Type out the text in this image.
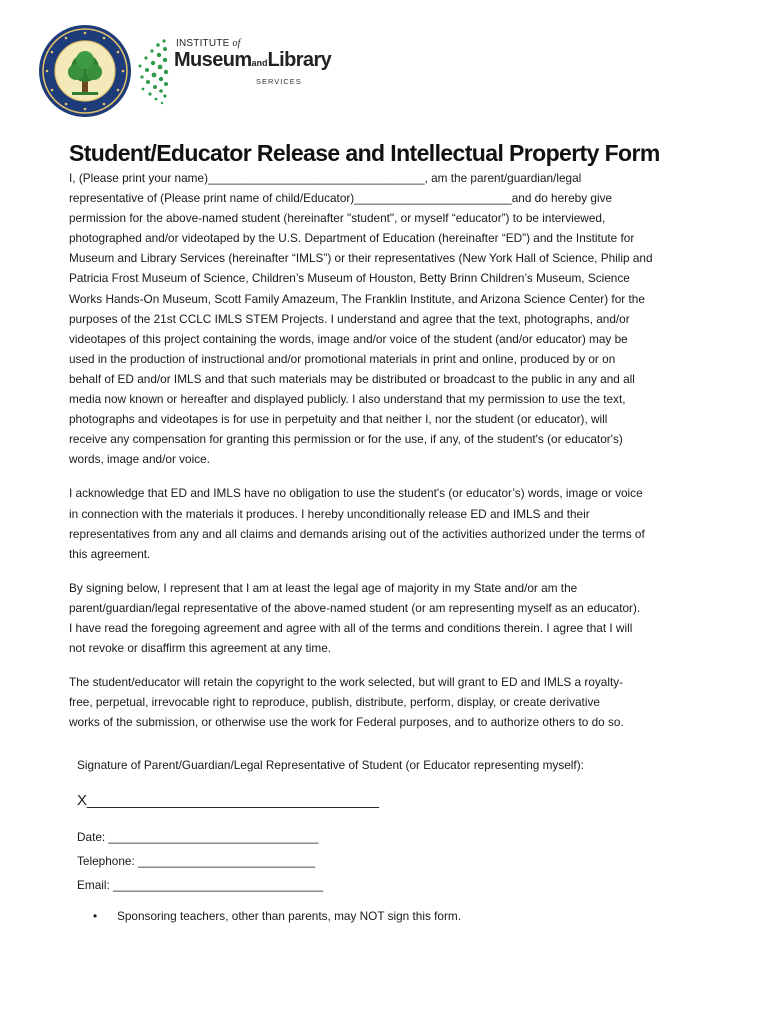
INSTITUTE of
MuseumandLibrary
SERVICES
Student/Educator Release and Intellectual Property Form

I, (Please print your name)_________________________________, am the parent/guardian/legal
representative of (Please print name of child/Educator)________________________and do hereby give
permission for the above-named student (hereinafter "student", or myself “educator”) to be interviewed,
photographed and/or videotaped by the U.S. Department of Education (hereinafter “ED”) and the Institute for
Museum and Library Services (hereinafter “IMLS”) or their representatives (New York Hall of Science, Philip and
Patricia Frost Museum of Science, Children’s Museum of Houston, Betty Brinn Children’s Museum, Science
Works Hands-On Museum, Scott Family Amazeum, The Franklin Institute, and Arizona Science Center) for the
purposes of the 21st CCLC IMLS STEM Projects. I understand and agree that the text, photographs, and/or
videotapes of this project containing the words, image and/or voice of the student (and/or educator) may be
used in the production of instructional and/or promotional materials in print and online, produced by or on
behalf of ED and/or IMLS and that such materials may be distributed or broadcast to the public in any and all
media now known or hereafter and displayed publicly. I also understand that my permission to use the text,
photographs and videotapes is for use in perpetuity and that neither I, nor the student (or educator), will
receive any compensation for granting this permission or for the use, if any, of the student's (or educator's)
words, image and/or voice.

I acknowledge that ED and IMLS have no obligation to use the student's (or educator’s) words, image or voice
in connection with the materials it produces. I hereby unconditionally release ED and IMLS and their
representatives from any and all claims and demands arising out of the activities authorized under the terms of
this agreement.

By signing below, I represent that I am at least the legal age of majority in my State and/or am the
parent/guardian/legal representative of the above-named student (or am representing myself as an educator).
I have read the foregoing agreement and agree with all of the terms and conditions therein. I agree that I will
not revoke or disaffirm this agreement at any time.

The student/educator will retain the copyright to the work selected, but will grant to ED and IMLS a royalty-
free, perpetual, irrevocable right to reproduce, publish, distribute, perform, display, or create derivative
works of the submission, or otherwise use the work for Federal purposes, and to authorize others to do so.

Signature of Parent/Guardian/Legal Representative of Student (or Educator representing myself):
X___________________________________
Date: ________________________________
Telephone: ___________________________
Email: ________________________________
• Sponsoring teachers, other than parents, may NOT sign this form.
